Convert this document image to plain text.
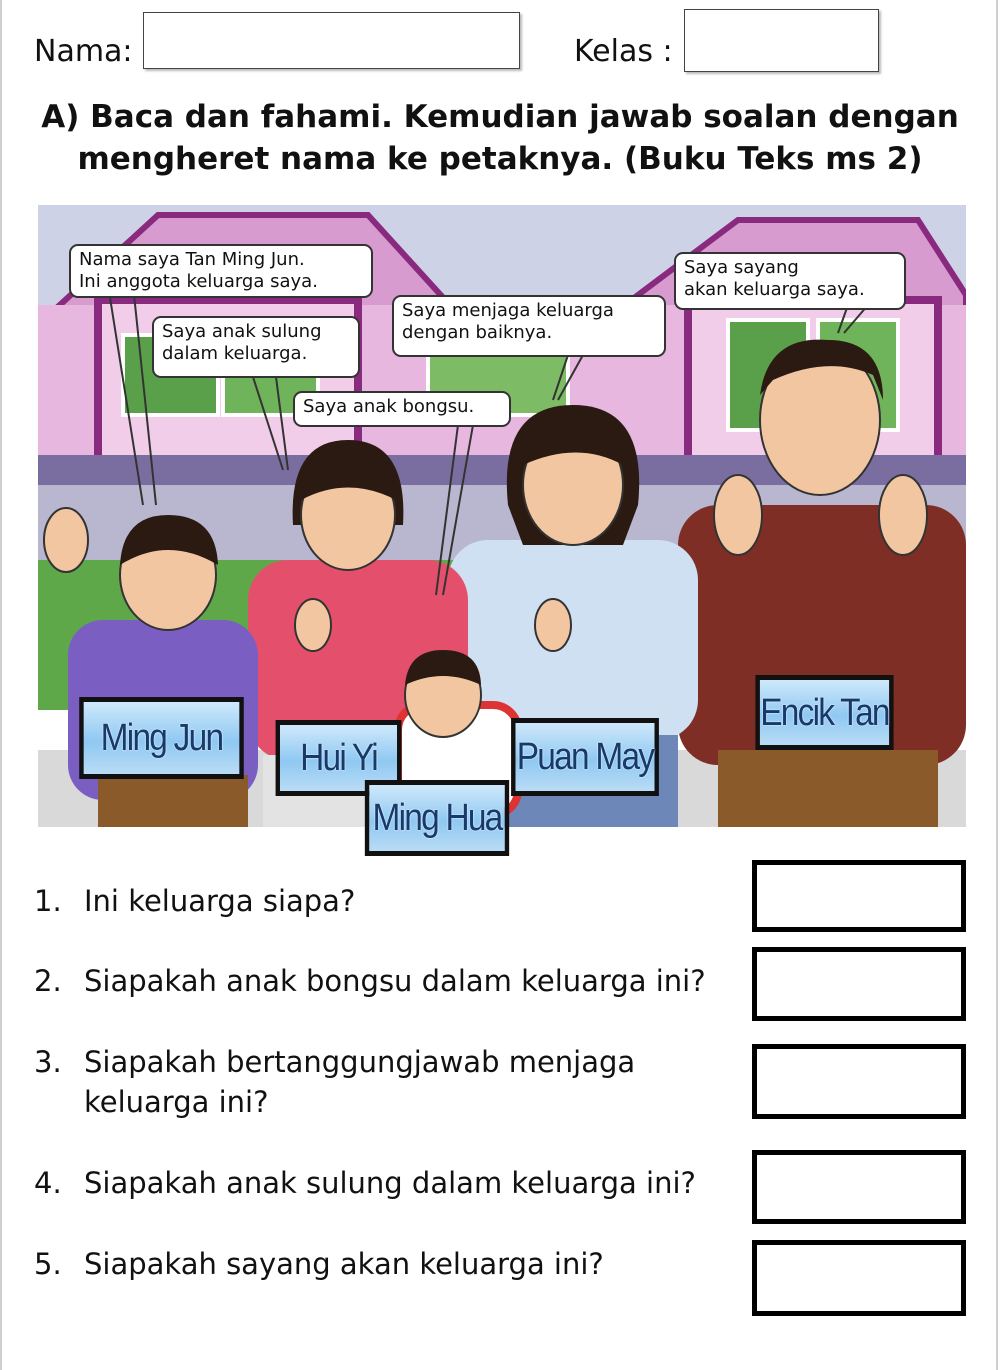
Nama:	Kelas :
A) Baca dan fahami. Kemudian jawab soalan dengan
mengheret nama ke petaknya. (Buku Teks ms 2)
Nama saya Tan Ming Jun.
Ini anggota keluarga saya.
Saya anak sulung
dalam keluarga.
Saya anak bongsu.
Saya menjaga keluarga
dengan baiknya.
Saya sayang
akan keluarga saya.
Ming Jun	Hui Yi
Ming Hua
Puan May
Encik Tan
1. Ini keluarga siapa?
2. Siapakah anak bongsu dalam keluarga ini?
3. Siapakah bertanggungjawab menjaga
keluarga ini?
4. Siapakah anak sulung dalam keluarga ini?
5. Siapakah sayang akan keluarga ini?
